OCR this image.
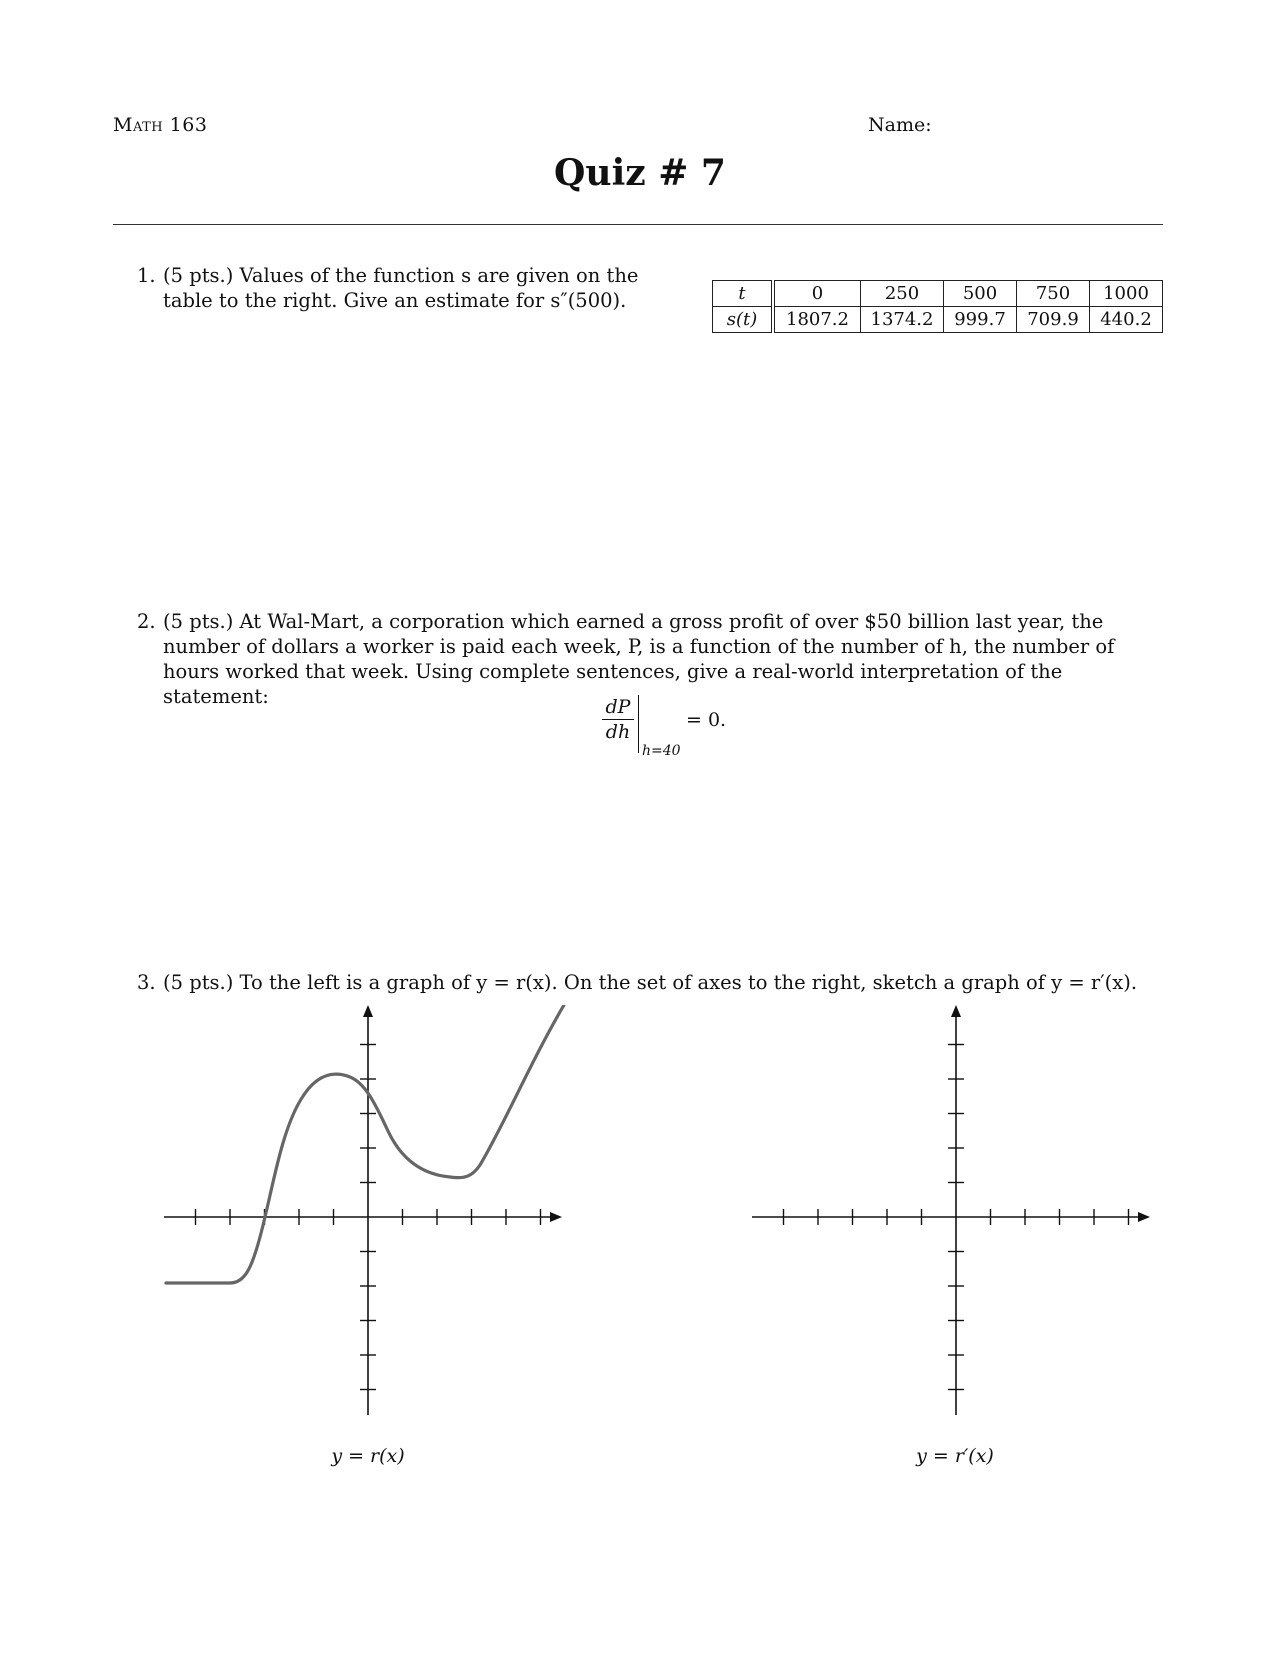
Math 163	Name:
Quiz # 7
1. (5 pts.) Values of the function s are given on the table to the right. Give an estimate for s″(500).	t	0	250	500	750	1000
s(t)	1807.2	1374.2	999.7	709.9	440.2
2. (5 pts.) At Wal-Mart, a corporation which earned a gross profit of over $50 billion last year, the number of dollars a worker is paid each week, P, is a function of the number of h, the number of hours worked that week. Using complete sentences, give a real-world interpretation of the statement:	dP
dh
h=40
= 0.
3. (5 pts.) To the left is a graph of y = r(x). On the set of axes to the right, sketch a graph of y = r′(x).
y = r(x)	y = r′(x)
